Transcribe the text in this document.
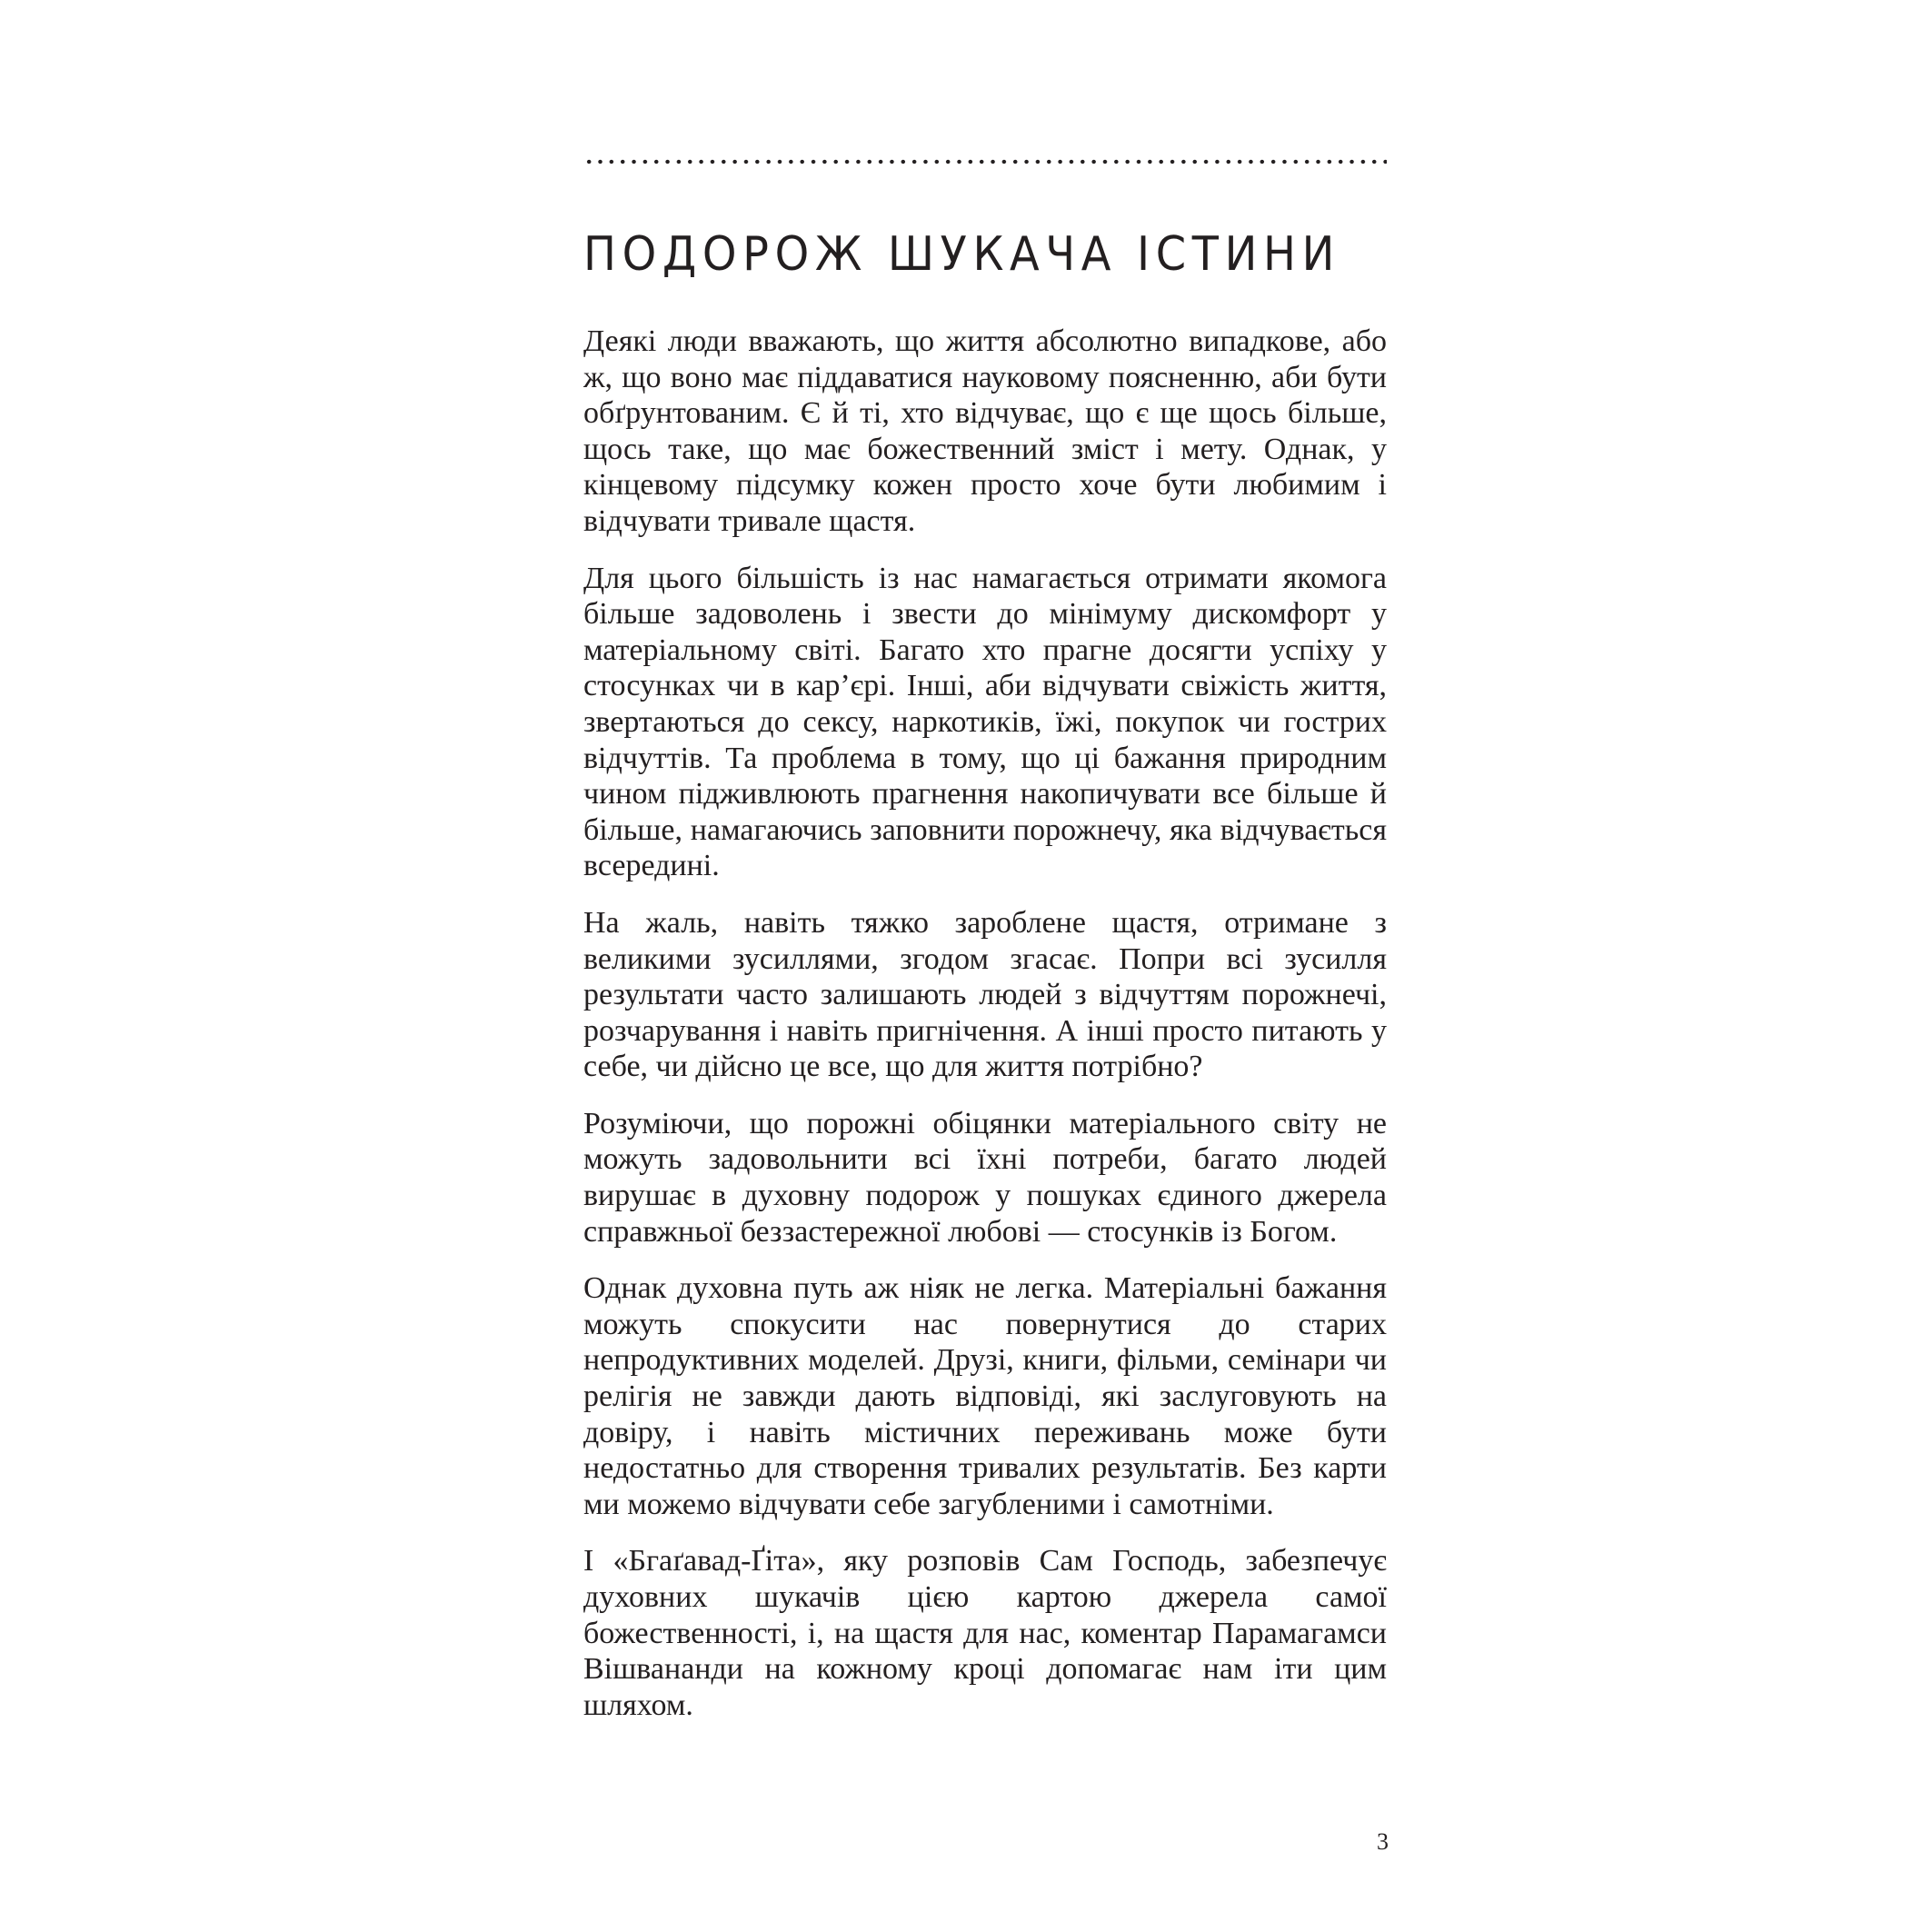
ПОДОРОЖ ШУКАЧА ІСТИНИ

Деякі люди вважають, що життя абсолютно випадкове, або ж, що воно має піддаватися науковому поясненню, аби бути обґрунтованим. Є й ті, хто відчуває, що є ще щось більше, щось таке, що має божественний зміст і мету. Однак, у кінцевому підсумку кожен просто хоче бути любимим і відчувати тривале щастя.

Для цього більшість із нас намагається отримати якомога більше задоволень і звести до мінімуму дискомфорт у матеріальному світі. Багато хто прагне досягти успіху у стосунках чи в кар’єрі. Інші, аби відчувати свіжість життя, звертаються до сексу, наркотиків, їжі, покупок чи гострих відчуттів. Та проблема в тому, що ці бажання природним чином підживлюють прагнення накопичувати все більше й більше, намагаючись заповнити порожнечу, яка відчувається всередині.

На жаль, навіть тяжко зароблене щастя, отримане з великими зусиллями, згодом згасає. Попри всі зусилля результати часто залишають людей з відчуттям порожнечі, розчарування і навіть пригнічення. А інші просто питають у себе, чи дійсно це все, що для життя потрібно?

Розуміючи, що порожні обіцянки матеріального світу не можуть задовольнити всі їхні потреби, багато людей вирушає в духовну подорож у пошуках єдиного джерела справжньої беззастережної любові — стосунків із Богом.

Однак духовна путь аж ніяк не легка. Матеріальні бажання можуть спокусити нас повернутися до старих непродуктивних моделей. Друзі, книги, фільми, семінари чи релігія не завжди дають відповіді, які заслуговують на довіру, і навіть містичних переживань може бути недостатньо для створення тривалих результатів. Без карти ми можемо відчувати себе загубленими і самотніми.

І «Бгаґавад-Ґіта», яку розповів Сам Господь, забезпечує духовних шукачів цією картою джерела самої божественності, і, на щастя для нас, коментар Парамагамси Вішвананди на кожному кроці допомагає нам іти цим шляхом.

3
